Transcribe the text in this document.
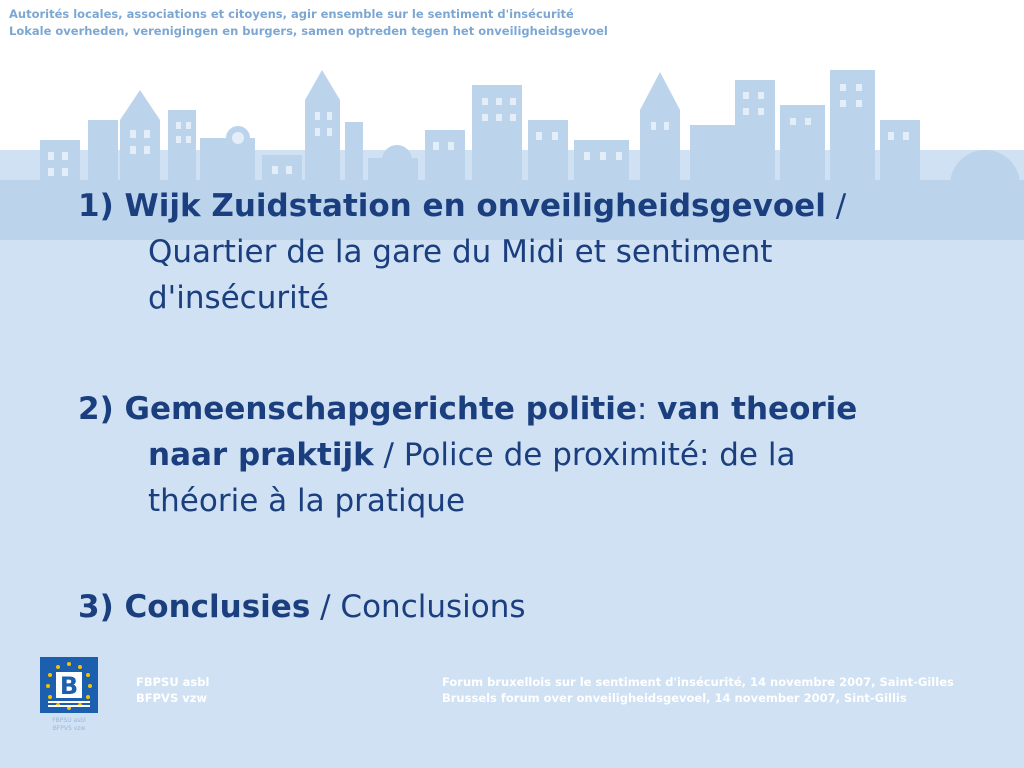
Autorités locales, associations et citoyens, agir ensemble sur le sentiment d'insécurité
Lokale overheden, verenigingen en burgers, samen optreden tegen het onveiligheidsgevoel
1) Wijk Zuidstation en onveiligheidsgevoel /
Quartier de la gare du Midi et sentiment
d'insécurité
2) Gemeenschapgerichte politie: van theorie
naar praktijk / Police de proximité: de la
théorie à la pratique
3) Conclusies / Conclusions
B
FBPSU asbl
BFPVS vzw
FBPSU asbl
BFPVS vzw
Forum bruxellois sur le sentiment d'insécurité, 14 novembre 2007, Saint-Gilles
Brussels forum over onveiligheidsgevoel, 14 november 2007, Sint-Gillis
